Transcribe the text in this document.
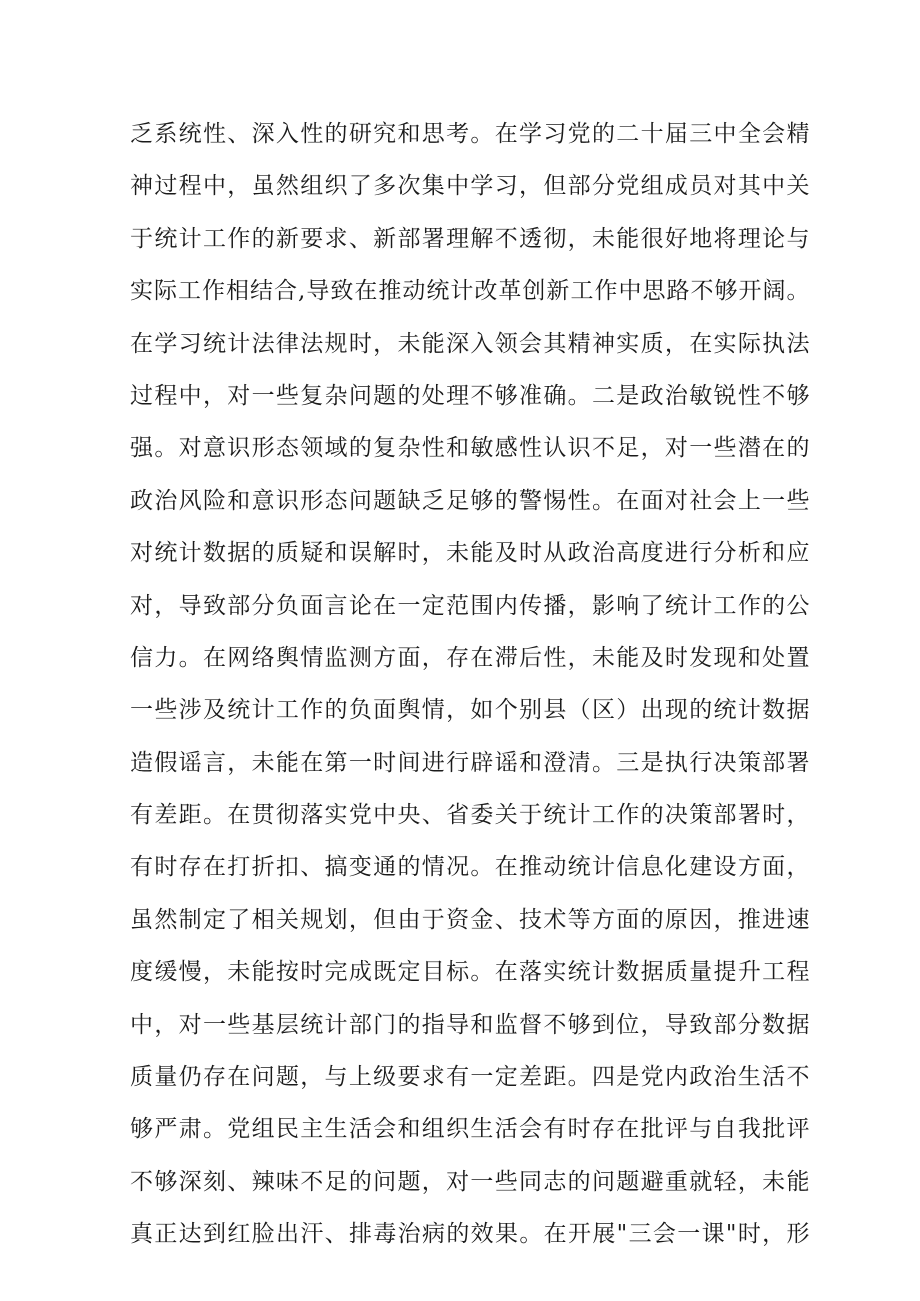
乏系统性、深入性的研究和思考。在学习党的二十届三中全会精
神过程中，虽然组织了多次集中学习，但部分党组成员对其中关
于统计工作的新要求、新部署理解不透彻，未能很好地将理论与
实际工作相结合,导致在推动统计改革创新工作中思路不够开阔。
在学习统计法律法规时，未能深入领会其精神实质，在实际执法
过程中，对一些复杂问题的处理不够准确。二是政治敏锐性不够
强。对意识形态领域的复杂性和敏感性认识不足，对一些潜在的
政治风险和意识形态问题缺乏足够的警惕性。在面对社会上一些
对统计数据的质疑和误解时，未能及时从政治高度进行分析和应
对，导致部分负面言论在一定范围内传播，影响了统计工作的公
信力。在网络舆情监测方面，存在滞后性，未能及时发现和处置
一些涉及统计工作的负面舆情，如个别县（区）出现的统计数据
造假谣言，未能在第一时间进行辟谣和澄清。三是执行决策部署
有差距。在贯彻落实党中央、省委关于统计工作的决策部署时，
有时存在打折扣、搞变通的情况。在推动统计信息化建设方面，
虽然制定了相关规划，但由于资金、技术等方面的原因，推进速
度缓慢，未能按时完成既定目标。在落实统计数据质量提升工程
中，对一些基层统计部门的指导和监督不够到位，导致部分数据
质量仍存在问题，与上级要求有一定差距。四是党内政治生活不
够严肃。党组民主生活会和组织生活会有时存在批评与自我批评
不够深刻、辣味不足的问题，对一些同志的问题避重就轻，未能
真正达到红脸出汗、排毒治病的效果。在开展"三会一课"时，形
